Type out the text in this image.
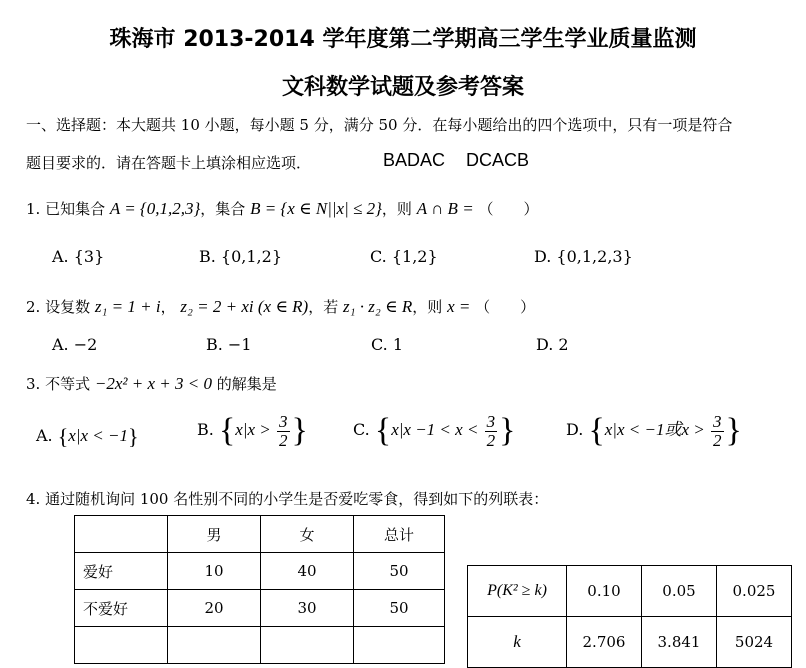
珠海市 2013-2014 学年度第二学期高三学生学业质量监测
文科数学试题及参考答案
一、选择题：本大题共 10 小题，每小题 5 分，满分 50 分．在每小题给出的四个选项中，只有一项是符合
题目要求的．请在答题卡上填涂相应选项．	BADAC DCACB
1. 已知集合 A = {0,1,2,3}，集合 B = {x ∈ N||x| ≤ 2}，则 A ∩ B = （　　）
A. {3}	B. {0,1,2}	C. {1,2}	D. {0,1,2,3}
2. 设复数 z₁ = 1 + i， z₂ = 2 + xi (x ∈ R)，若 z₁ · z₂ ∈ R，则 x = （　　）
A. −2	B. −1	C. 1	D. 2
3. 不等式 −2x² + x + 3 < 0 的解集是
A. {x|x < −1}	B. {$x|x > \frac{3}{2}$ }	C. {$x|x -1 < x < \frac{3}{2}$ }	D. {x|x < −1或$x > \frac{3}{2}$ }
4. 通过随机询问 100 名性别不同的小学生是否爱吃零食，得到如下的列联表：
	男	女	总计
爱好	10	40	50
不爱好	20	30	50

P(K² ≥ k)	0.10	0.05	0.025
k	2.706	3.841	5024
